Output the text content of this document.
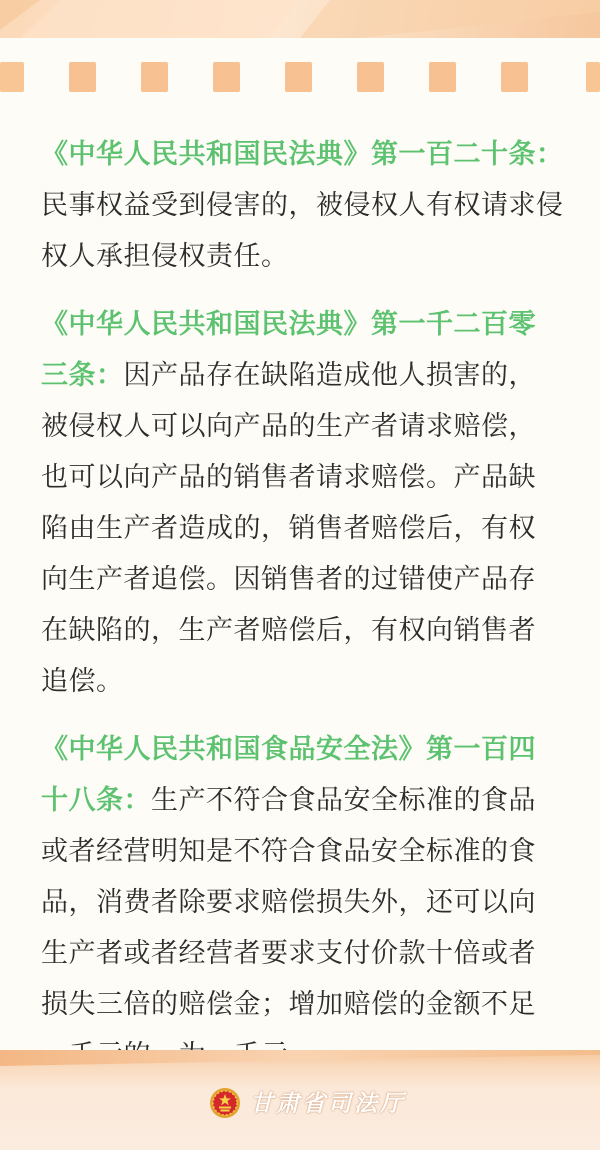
《中华人民共和国民法典》第一百二十条：
民事权益受到侵害的，被侵权人有权请求侵
权人承担侵权责任。
《中华人民共和国民法典》第一千二百零
三条：因产品存在缺陷造成他人损害的，
被侵权人可以向产品的生产者请求赔偿，
也可以向产品的销售者请求赔偿。产品缺
陷由生产者造成的，销售者赔偿后，有权
向生产者追偿。因销售者的过错使产品存
在缺陷的，生产者赔偿后，有权向销售者
追偿。
《中华人民共和国食品安全法》第一百四
十八条：生产不符合食品安全标准的食品
或者经营明知是不符合食品安全标准的食
品，消费者除要求赔偿损失外，还可以向
生产者或者经营者要求支付价款十倍或者
损失三倍的赔偿金；增加赔偿的金额不足
甘肃省司法厅
